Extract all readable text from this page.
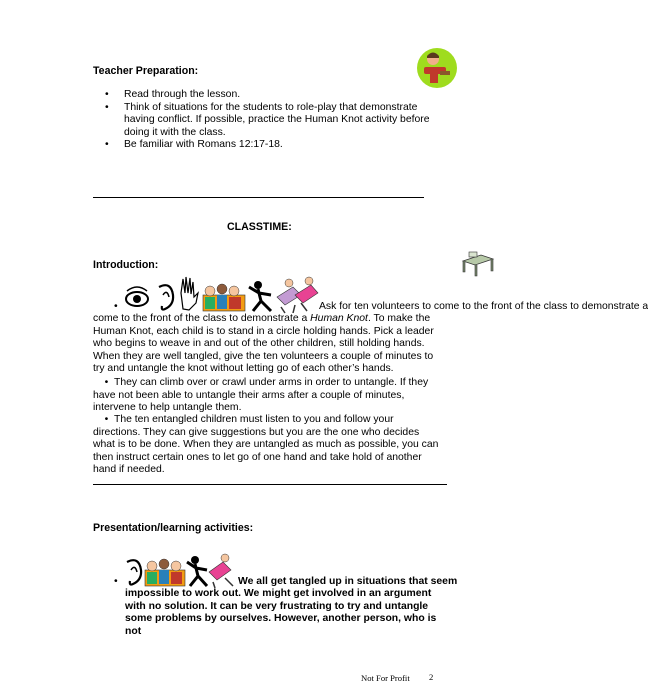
Teacher Preparation:
• Read through the lesson.
• Think of situations for the students to role-play that demonstrate having conflict. If possible, practice the Human Knot activity before doing it with the class.
• Be familiar with Romans 12:17-18.
CLASSTIME:
Introduction:
•	Ask for ten volunteers to come to the front of the class to demonstrate a
come to the front of the class to demonstrate a Human Knot. To make the Human Knot, each child is to stand in a circle holding hands. Pick a leader who begins to weave in and out of the other children, still holding hands. When they are well tangled, give the ten volunteers a couple of minutes to try and untangle the knot without letting go of each other’s hands.
•  They can climb over or crawl under arms in order to untangle. If they have not been able to untangle their arms after a couple of minutes, intervene to help untangle them.
•  The ten entangled children must listen to you and follow your directions. They can give suggestions but you are the one who decides what is to be done. When they are untangled as much as possible, you can then instruct certain ones to let go of one hand and take hold of another hand if needed.
Presentation/learning activities:
•	We all get tangled up in situations that seem
impossible to work out. We might get involved in an argument with no solution. It can be very frustrating to try and untangle some problems by ourselves. However, another person, who is not
Not For Profit 2
